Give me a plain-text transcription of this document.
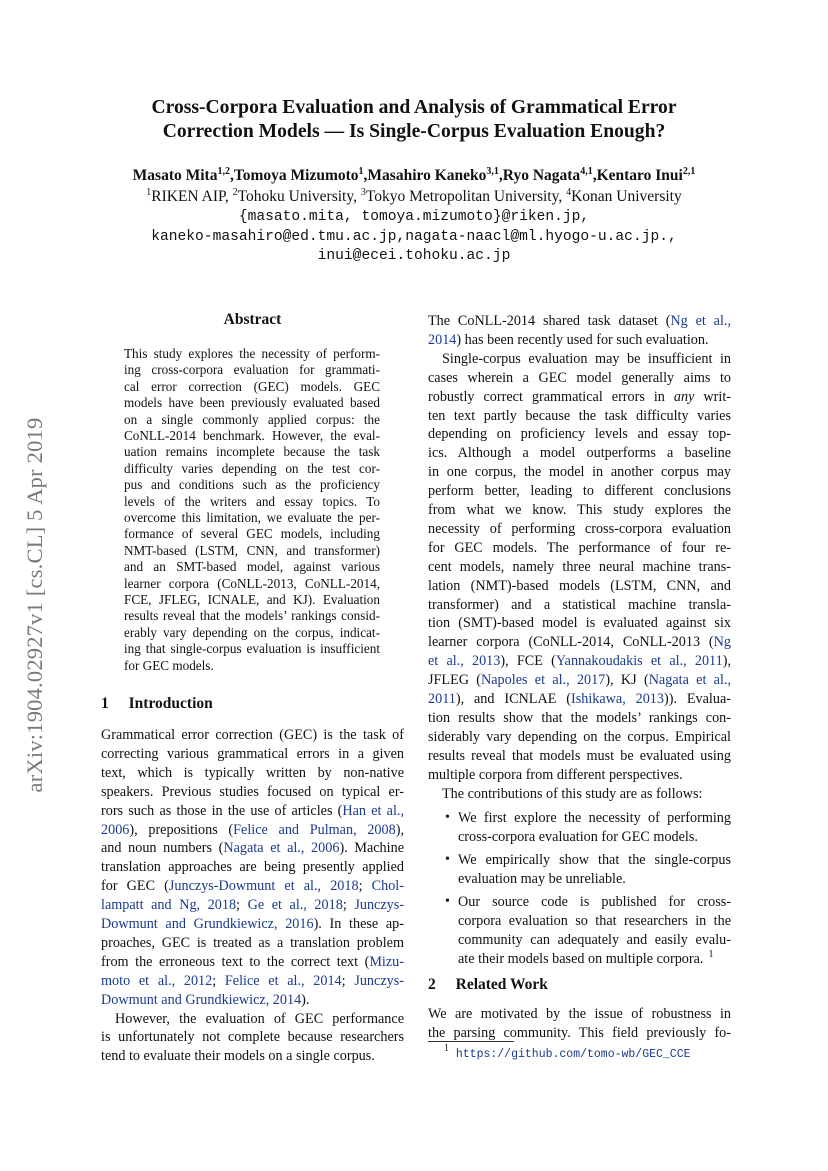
arXiv:1904.02927v1 [cs.CL] 5 Apr 2019
Cross-Corpora Evaluation and Analysis of Grammatical Error
Correction Models — Is Single-Corpus Evaluation Enough?
Masato Mita$^{1,2}$,Tomoya Mizumoto$^1$,Masahiro Kaneko$^{3,1}$,Ryo Nagata$^{4,1}$,Kentaro Inui$^{2,1}$
$^1$RIKEN AIP, $^2$Tohoku University, $^3$Tokyo Metropolitan University, $^4$Konan University
{masato.mita, tomoya.mizumoto}@riken.jp,
kaneko-masahiro@ed.tmu.ac.jp,nagata-naacl@ml.hyogo-u.ac.jp.,
inui@ecei.tohoku.ac.jp
Abstract
This study explores the necessity of perform-
ing cross-corpora evaluation for grammati-
cal error correction (GEC) models. GEC
models have been previously evaluated based
on a single commonly applied corpus: the
CoNLL-2014 benchmark. However, the eval-
uation remains incomplete because the task
difficulty varies depending on the test cor-
pus and conditions such as the proficiency
levels of the writers and essay topics. To
overcome this limitation, we evaluate the per-
formance of several GEC models, including
NMT-based (LSTM, CNN, and transformer)
and an SMT-based model, against various
learner corpora (CoNLL-2013, CoNLL-2014,
FCE, JFLEG, ICNALE, and KJ). Evaluation
results reveal that the models’ rankings consid-
erably vary depending on the corpus, indicat-
ing that single-corpus evaluation is insufficient
for GEC models.
1 Introduction
Grammatical error correction (GEC) is the task of
correcting various grammatical errors in a given
text, which is typically written by non-native
speakers. Previous studies focused on typical er-
rors such as those in the use of articles (Han et al.,
2006), prepositions (Felice and Pulman, 2008),
and noun numbers (Nagata et al., 2006). Machine
translation approaches are being presently applied
for GEC (Junczys-Dowmunt et al., 2018; Chol-
lampatt and Ng, 2018; Ge et al., 2018; Junczys-
Dowmunt and Grundkiewicz, 2016). In these ap-
proaches, GEC is treated as a translation problem
from the erroneous text to the correct text (Mizu-
moto et al., 2012; Felice et al., 2014; Junczys-
Dowmunt and Grundkiewicz, 2014).
However, the evaluation of GEC performance
is unfortunately not complete because researchers
tend to evaluate their models on a single corpus.
The CoNLL-2014 shared task dataset (Ng et al.,
2014) has been recently used for such evaluation.
Single-corpus evaluation may be insufficient in
cases wherein a GEC model generally aims to
robustly correct grammatical errors in any writ-
ten text partly because the task difficulty varies
depending on proficiency levels and essay top-
ics. Although a model outperforms a baseline
in one corpus, the model in another corpus may
perform better, leading to different conclusions
from what we know. This study explores the
necessity of performing cross-corpora evaluation
for GEC models. The performance of four re-
cent models, namely three neural machine trans-
lation (NMT)-based models (LSTM, CNN, and
transformer) and a statistical machine transla-
tion (SMT)-based model is evaluated against six
learner corpora (CoNLL-2014, CoNLL-2013 (Ng
et al., 2013), FCE (Yannakoudakis et al., 2011),
JFLEG (Napoles et al., 2017), KJ (Nagata et al.,
2011), and ICNLAE (Ishikawa, 2013)). Evalua-
tion results show that the models’ rankings con-
siderably vary depending on the corpus. Empirical
results reveal that models must be evaluated using
multiple corpora from different perspectives.
The contributions of this study are as follows:
• We first explore the necessity of performing
cross-corpora evaluation for GEC models.
• We empirically show that the single-corpus
evaluation may be unreliable.
• Our source code is published for cross-
corpora evaluation so that researchers in the
community can adequately and easily evalu-
ate their models based on multiple corpora. $^1$
2 Related Work
We are motivated by the issue of robustness in
the parsing community. This field previously fo-
$^1$ https://github.com/tomo-wb/GEC_CCE
